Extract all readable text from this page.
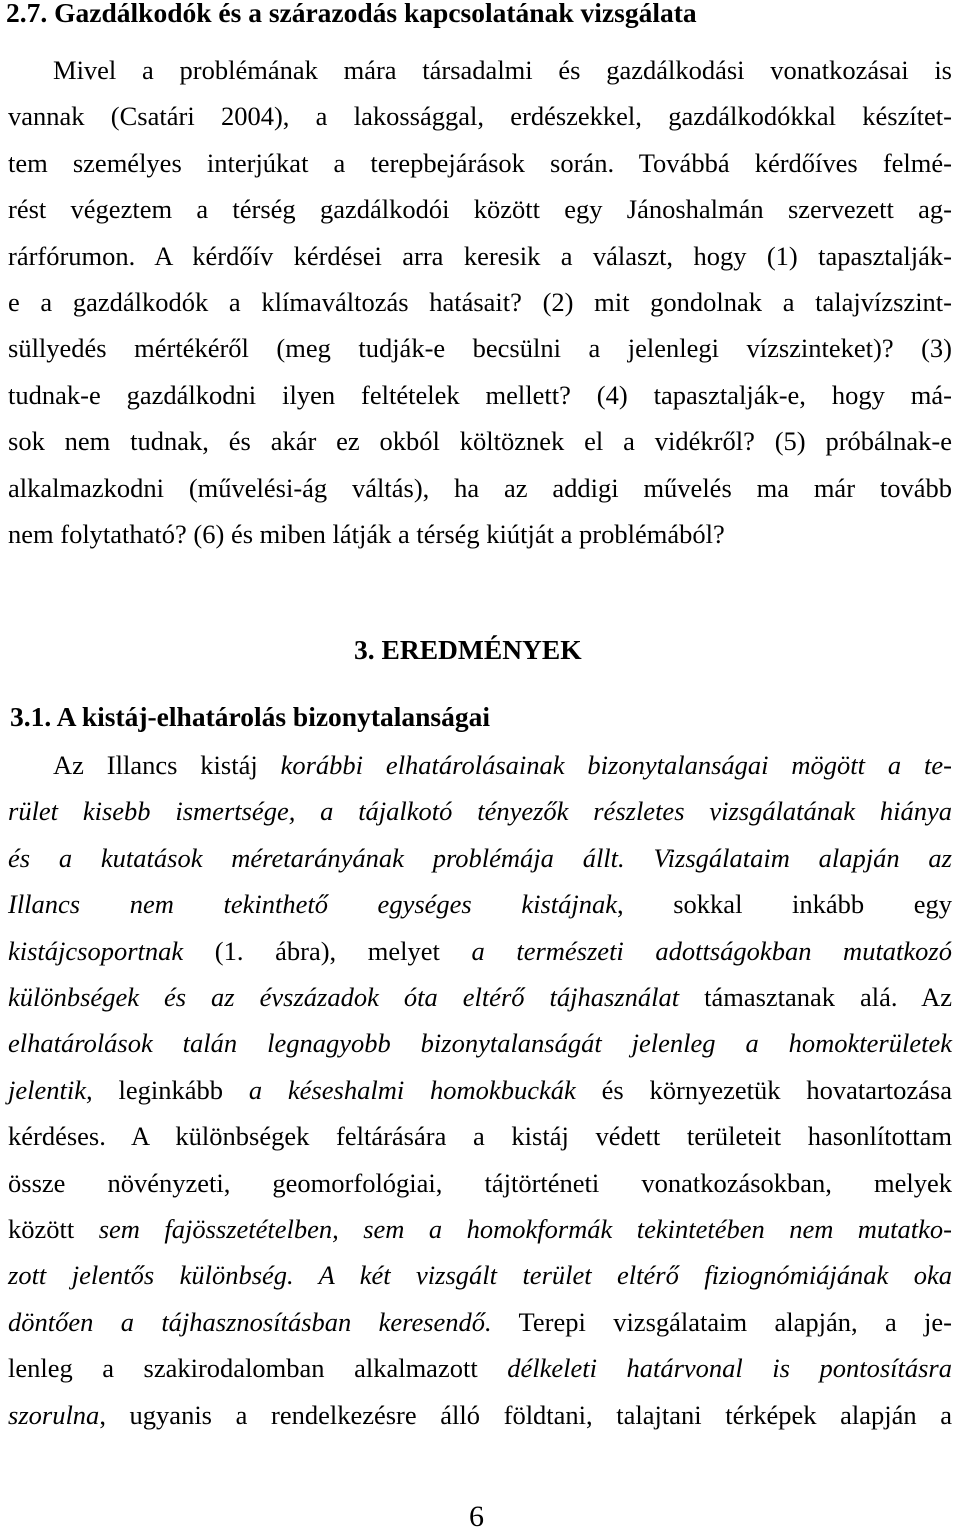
2.7. Gazdálkodók és a szárazodás kapcsolatának vizsgálata
Mivel a problémának mára társadalmi és gazdálkodási vonatkozásai is
vannak (Csatári 2004), a lakossággal, erdészekkel, gazdálkodókkal készítet-
tem személyes interjúkat a terepbejárások során. Továbbá kérdőíves felmé-
rést végeztem a térség gazdálkodói között egy Jánoshalmán szervezett ag-
rárfórumon. A kérdőív kérdései arra keresik a választ, hogy (1) tapasztalják-
e a gazdálkodók a klímaváltozás hatásait? (2) mit gondolnak a talajvízszint-
süllyedés mértékéről (meg tudják-e becsülni a jelenlegi vízszinteket)? (3)
tudnak-e gazdálkodni ilyen feltételek mellett? (4) tapasztalják-e, hogy má-
sok nem tudnak, és akár ez okból költöznek el a vidékről? (5) próbálnak-e
alkalmazkodni (művelési-ág váltás), ha az addigi művelés ma már tovább
nem folytatható? (6) és miben látják a térség kiútját a problémából?
3. EREDMÉNYEK
3.1. A kistáj-elhatárolás bizonytalanságai
Az Illancs kistáj korábbi elhatárolásainak bizonytalanságai mögött a te-
rület kisebb ismertsége, a tájalkotó tényezők részletes vizsgálatának hiánya
és a kutatások méretarányának problémája állt. Vizsgálataim alapján az
Illancs nem tekinthető egységes kistájnak, sokkal inkább egy
kistájcsoportnak (1. ábra), melyet a természeti adottságokban mutatkozó
különbségek és az évszázadok óta eltérő tájhasználat támasztanak alá. Az
elhatárolások talán legnagyobb bizonytalanságát jelenleg a homokterületek
jelentik, leginkább a késeshalmi homokbuckák és környezetük hovatartozása
kérdéses. A különbségek feltárására a kistáj védett területeit hasonlítottam
össze növényzeti, geomorfológiai, tájtörténeti vonatkozásokban, melyek
között sem fajösszetételben, sem a homokformák tekintetében nem mutatko-
zott jelentős különbség. A két vizsgált terület eltérő fiziognómiájának oka
döntően a tájhasznosításban keresendő. Terepi vizsgálataim alapján, a je-
lenleg a szakirodalomban alkalmazott délkeleti határvonal is pontosításra
szorulna, ugyanis a rendelkezésre álló földtani, talajtani térképek alapján a
6
